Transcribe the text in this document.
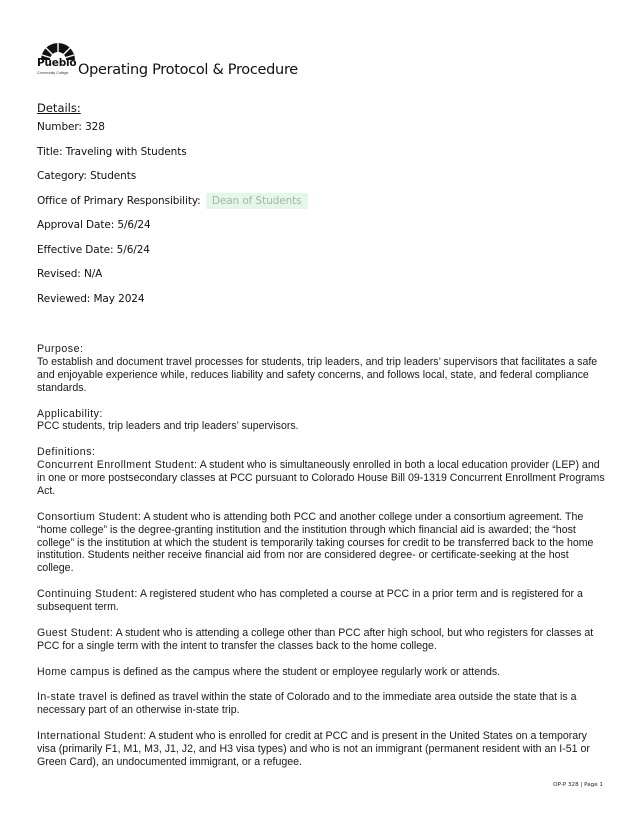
Pueblo
Community College Operating Protocol & Procedure
Details:
Number: 328
Title: Traveling with Students
Category: Students
Office of Primary Responsibility: Dean of Students
Approval Date: 5/6/24
Effective Date: 5/6/24
Revised: N/A
Reviewed: May 2024
Purpose:

To establish and document travel processes for students, trip leaders, and trip leaders’ supervisors that facilitates a safe and enjoyable experience while, reduces liability and safety concerns, and follows local, state, and federal compliance standards.

Applicability:

PCC students, trip leaders and trip leaders’ supervisors.

Definitions:

Concurrent Enrollment Student: A student who is simultaneously enrolled in both a local education provider (LEP) and in one or more postsecondary classes at PCC pursuant to Colorado House Bill 09-1319 Concurrent Enrollment Programs Act.

Consortium Student: A student who is attending both PCC and another college under a consortium agreement. The “home college” is the degree-granting institution and the institution through which financial aid is awarded; the “host college” is the institution at which the student is temporarily taking courses for credit to be transferred back to the home institution. Students neither receive financial aid from nor are considered degree- or certificate-seeking at the host college.

Continuing Student: A registered student who has completed a course at PCC in a prior term and is registered for a subsequent term.

Guest Student: A student who is attending a college other than PCC after high school, but who registers for classes at PCC for a single term with the intent to transfer the classes back to the home college.

Home campus is defined as the campus where the student or employee regularly work or attends.

In-state travel is defined as travel within the state of Colorado and to the immediate area outside the state that is a necessary part of an otherwise in-state trip.

International Student: A student who is enrolled for credit at PCC and is present in the United States on a temporary visa (primarily F1, M1, M3, J1, J2, and H3 visa types) and who is not an immigrant (permanent resident with an I-51 or Green Card), an undocumented immigrant, or a refugee.

OP-P 328 | Page 1
